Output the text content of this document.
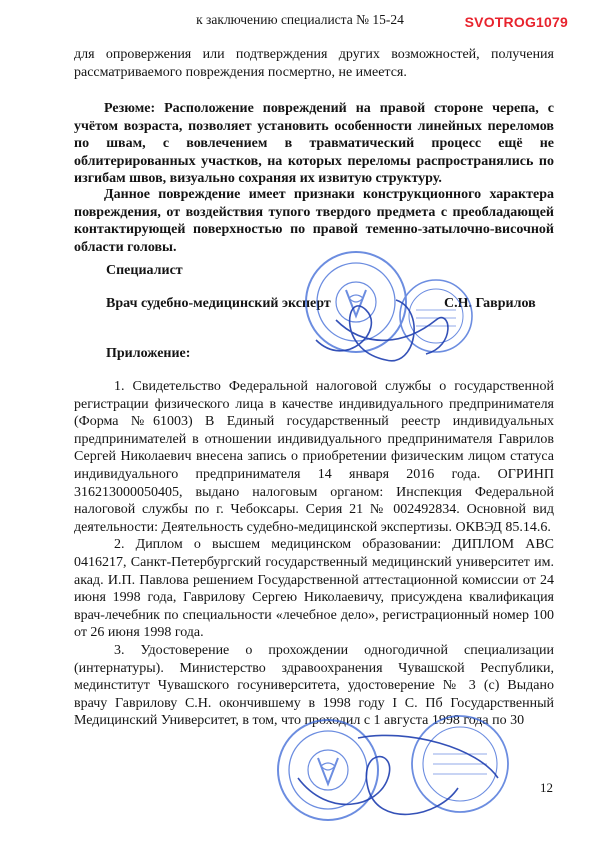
к заключению специалиста № 15-24	SVOTROG1079

для опровержения или подтверждения других возможностей, получения рассматриваемого повреждения посмертно, не имеется.

Резюме: Расположение повреждений на правой стороне черепа, с учётом возраста, позволяет установить особенности линейных переломов по швам, с вовлечением в травматический процесс ещё не облитерированных участков, на которых переломы распространялись по изгибам швов, визуально сохраняя их извитую структуру.

Данное повреждение имеет признаки конструкционного характера повреждения, от воздействия тупого твердого предмета с преобладающей контактирующей поверхностью по правой теменно-затылочно-височной области головы.

Специалист
Врач судебно-медицинский эксперт	С.Н. Гаврилов
Приложение:

1. Свидетельство Федеральной налоговой службы о государственной регистрации физического лица в качестве индивидуального предпринимателя (Форма №61003) В Единый государственный реестр индивидуальных предпринимателей в отношении индивидуального предпринимателя Гаврилов Сергей Николаевич внесена запись о приобретении физическим лицом статуса индивидуального предпринимателя 14 января 2016 года. ОГРИНП 316213000050405, выдано налоговым органом: Инспекция Федеральной налоговой службы по г. Чебоксары. Серия 21 № 002492834. Основной вид деятельности: Деятельность судебно-медицинской экспертизы. ОКВЭД 85.14.6.

2. Диплом о высшем медицинском образовании: ДИПЛОМ АВС 0416217, Санкт-Петербургский государственный медицинский университет им. акад. И.П. Павлова решением Государственной аттестационной комиссии от 24 июня 1998 года, Гаврилову Сергею Николаевичу, присуждена квалификация врач-лечебник по специальности «лечебное дело», регистрационный номер 100 от 26 июня 1998 года.

3. Удостоверение о прохождении одногодичной специализации (интернатуры). Министерство здравоохранения Чувашской Республики, мединститут Чувашского госуниверситета, удостоверение № 3 (с) Выдано врачу Гаврилову С.Н. окончившему в 1998 году I С. Пб Государственный Медицинский Университет, в том, что проходил с 1 августа 1998 года по 30

12
